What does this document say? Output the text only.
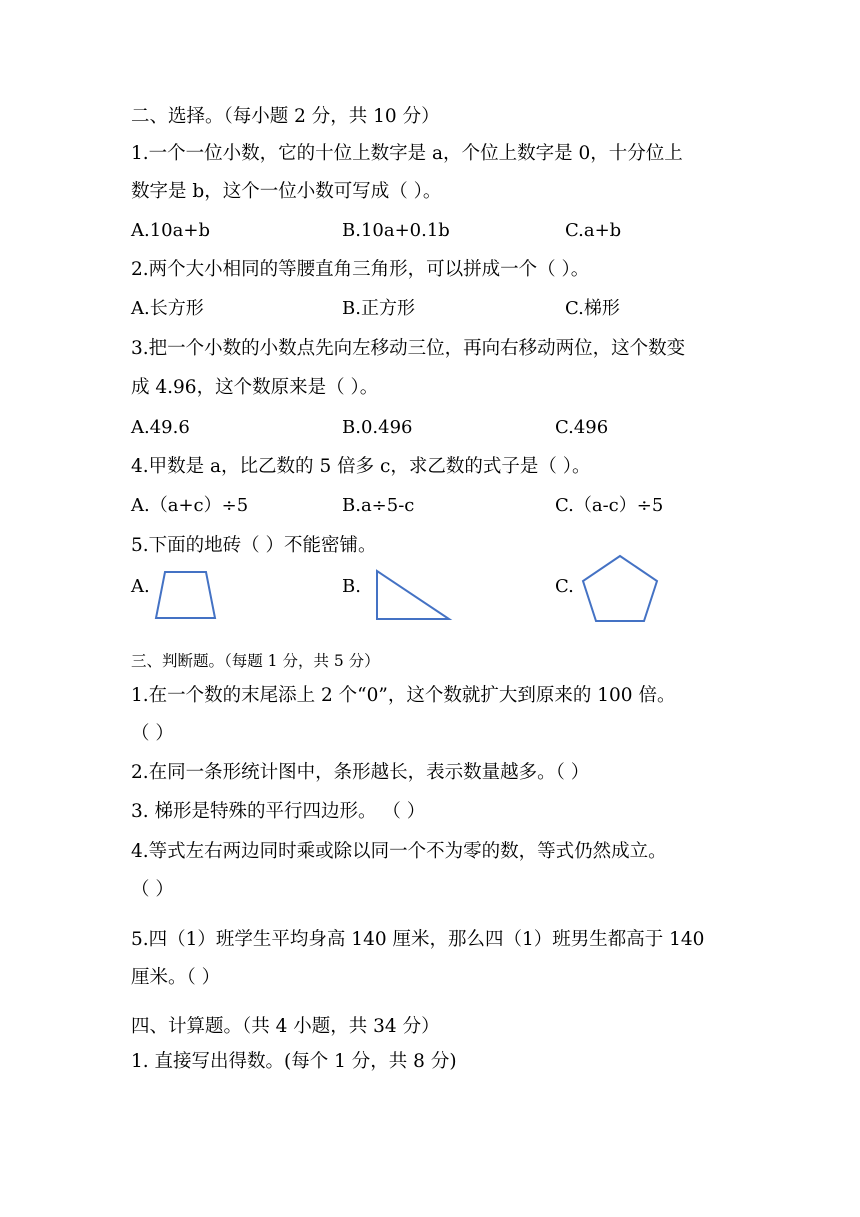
二、选择。（每小题 2 分，共 10 分）
1.一个一位小数，它的十位上数字是 a，个位上数字是 0，十分位上
数字是 b，这个一位小数可写成（ ）。
A.10a+b	B.10a+0.1b	C.a+b
2.两个大小相同的等腰直角三角形，可以拼成一个（ ）。
A.长方形	B.正方形	C.梯形
3.把一个小数的小数点先向左移动三位，再向右移动两位，这个数变
成 4.96，这个数原来是（ ）。
A.49.6	B.0.496	C.496
4.甲数是 a，比乙数的 5 倍多 c，求乙数的式子是（ ）。
A.（a+c）÷5	B.a÷5-c	C.（a-c）÷5
5.下面的地砖（ ）不能密铺。
A.	B.	C.
三、判断题。（每题 1 分，共 5 分）
1.在一个数的末尾添上 2 个“0”，这个数就扩大到原来的 100 倍。
（ ）
2.在同一条形统计图中，条形越长，表示数量越多。（ ）
3. 梯形是特殊的平行四边形。 （ ）
4.等式左右两边同时乘或除以同一个不为零的数，等式仍然成立。
（ ）
5.四（1）班学生平均身高 140 厘米，那么四（1）班男生都高于 140
厘米。（ ）
四、计算题。（共 4 小题，共 34 分）
1. 直接写出得数。(每个 1 分，共 8 分)
